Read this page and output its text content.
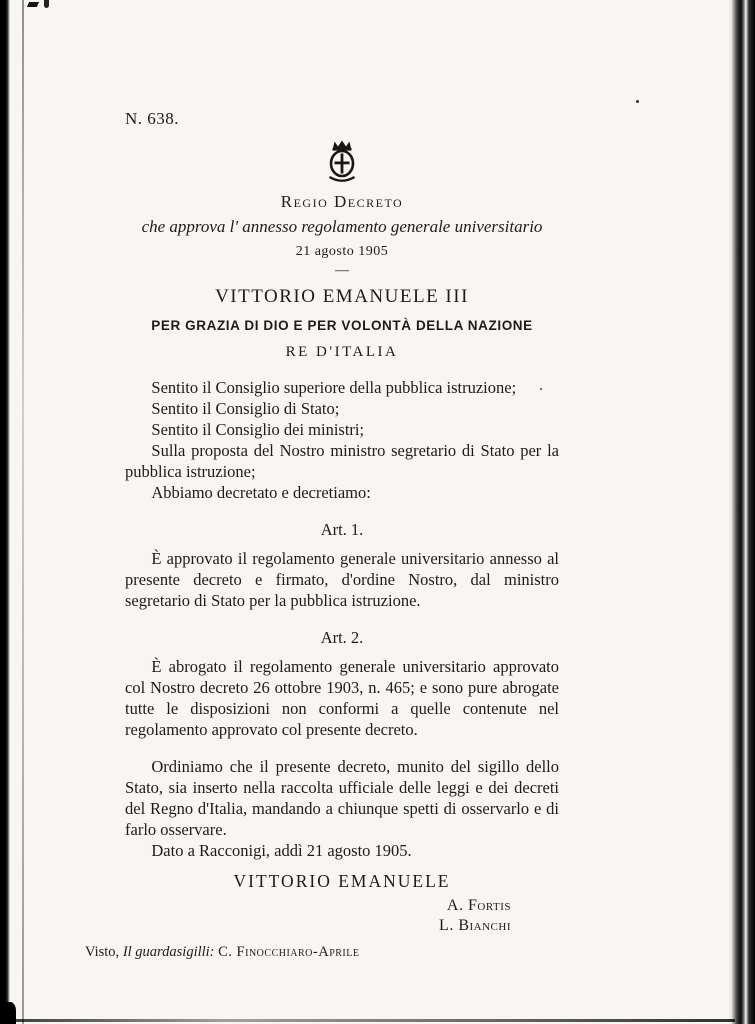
N. 638.
Regio Decreto
che approva l' annesso regolamento generale universitario
21 agosto 1905
—
VITTORIO EMANUELE III
PER GRAZIA DI DIO E PER VOLONTÀ DELLA NAZIONE
RE D'ITALIA

Sentito il Consiglio superiore della pubblica istruzione;

Sentito il Consiglio di Stato;

Sentito il Consiglio dei ministri;

Sulla proposta del Nostro ministro segretario di Stato per la pubblica istruzione;

Abbiamo decretato e decretiamo:

Art. 1.

È approvato il regolamento generale universitario annesso al presente decreto e firmato, d'ordine Nostro, dal ministro segretario di Stato per la pubblica istruzione.

Art. 2.

È abrogato il regolamento generale universitario approvato col Nostro decreto 26 ottobre 1903, n. 465; e sono pure abrogate tutte le disposizioni non conformi a quelle contenute nel regolamento approvato col presente decreto.

Ordiniamo che il presente decreto, munito del sigillo dello Stato, sia inserto nella raccolta ufficiale delle leggi e dei decreti del Regno d'Italia, mandando a chiunque spetti di osservarlo e di farlo osservare.

Dato a Racconigi, addì 21 agosto 1905.

VITTORIO EMANUELE
A. Fortis
L. Bianchi
Visto, Il guardasigilli: C. Finocchiaro-Aprile
